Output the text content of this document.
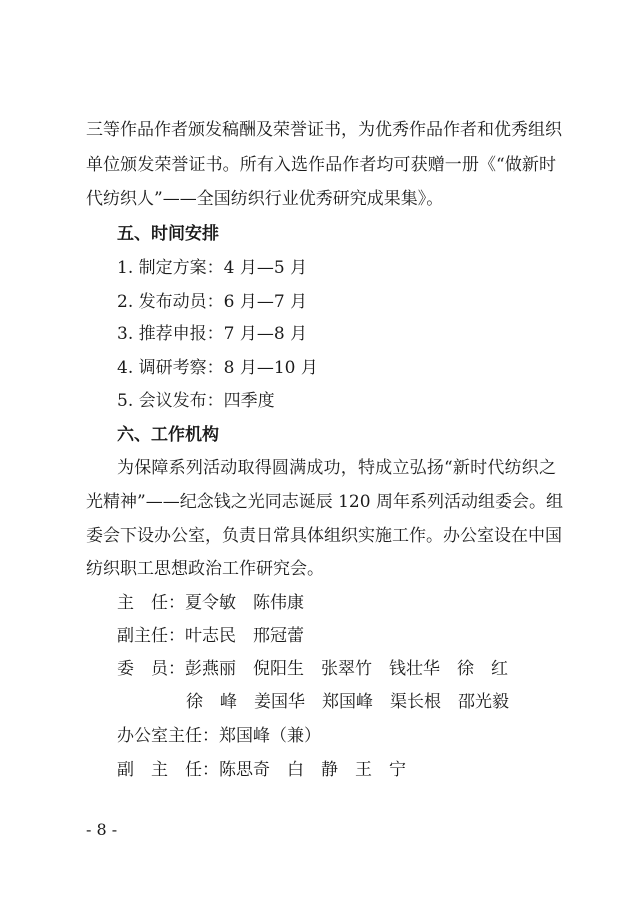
三等作品作者颁发稿酬及荣誉证书，为优秀作品作者和优秀组织
单位颁发荣誉证书。所有入选作品作者均可获赠一册《“做新时
代纺织人”——全国纺织行业优秀研究成果集》。
五、时间安排
1. 制定方案：4 月—5 月
2. 发布动员：6 月—7 月
3. 推荐申报：7 月—8 月
4. 调研考察：8 月—10 月
5. 会议发布：四季度
六、工作机构
为保障系列活动取得圆满成功，特成立弘扬“新时代纺织之
光精神”——纪念钱之光同志诞辰 120 周年系列活动组委会。组
委会下设办公室，负责日常具体组织实施工作。办公室设在中国
纺织职工思想政治工作研究会。
主　任：夏令敏　陈伟康
副主任：叶志民　邢冠蕾
委　员：彭燕丽　倪阳生　张翠竹　钱壮华　徐　红
徐　峰　姜国华　郑国峰　渠长根　邵光毅
办公室主任：郑国峰（兼）
副　主　任：陈思奇　白　静　王　宁
- 8 -
